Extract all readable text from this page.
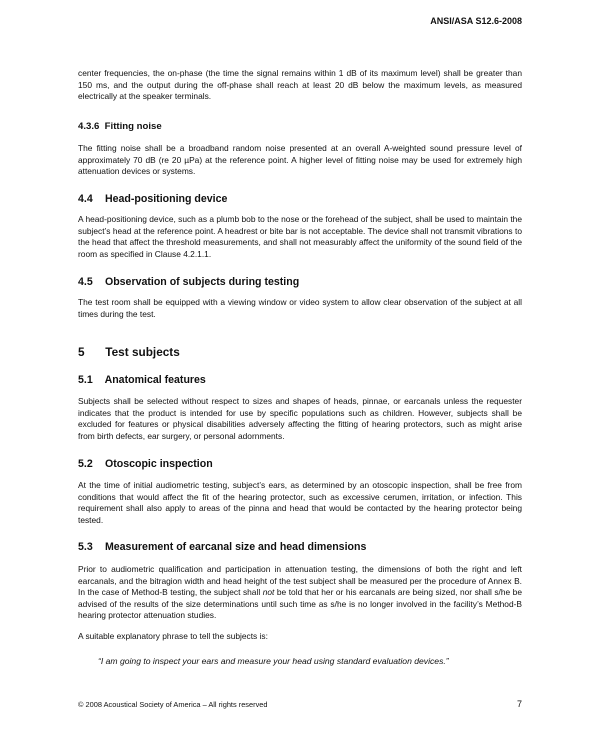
ANSI/ASA S12.6-2008

center frequencies, the on-phase (the time the signal remains within 1 dB of its maximum level) shall be greater than 150 ms, and the output during the off-phase shall reach at least 20 dB below the maximum levels, as measured electrically at the speaker terminals.

4.3.6 Fitting noise

The fitting noise shall be a broadband random noise presented at an overall A-weighted sound pressure level of approximately 70 dB (re 20 µPa) at the reference point. A higher level of fitting noise may be used for extremely high attenuation devices or systems.

4.4 Head-positioning device

A head-positioning device, such as a plumb bob to the nose or the forehead of the subject, shall be used to maintain the subject’s head at the reference point. A headrest or bite bar is not acceptable. The device shall not transmit vibrations to the head that affect the threshold measurements, and shall not measurably affect the uniformity of the sound field of the room as specified in Clause 4.2.1.1.

4.5 Observation of subjects during testing

The test room shall be equipped with a viewing window or video system to allow clear observation of the subject at all times during the test.

5 Test subjects
5.1 Anatomical features

Subjects shall be selected without respect to sizes and shapes of heads, pinnae, or earcanals unless the requester indicates that the product is intended for use by specific populations such as children. However, subjects shall be excluded for features or physical disabilities adversely affecting the fitting of hearing protectors, such as might arise from birth defects, ear surgery, or personal adornments.

5.2 Otoscopic inspection

At the time of initial audiometric testing, subject’s ears, as determined by an otoscopic inspection, shall be free from conditions that would affect the fit of the hearing protector, such as excessive cerumen, irritation, or infection. This requirement shall also apply to areas of the pinna and head that would be contacted by the hearing protector being tested.

5.3 Measurement of earcanal size and head dimensions

Prior to audiometric qualification and participation in attenuation testing, the dimensions of both the right and left earcanals, and the bitragion width and head height of the test subject shall be measured per the procedure of Annex B. In the case of Method-B testing, the subject shall not be told that her or his earcanals are being sized, nor shall s/he be advised of the results of the size determinations until such time as s/he is no longer involved in the facility’s Method-B hearing protector attenuation studies.

A suitable explanatory phrase to tell the subjects is:

“I am going to inspect your ears and measure your head using standard evaluation devices.”

© 2008 Acoustical Society of America – All rights reserved	7
